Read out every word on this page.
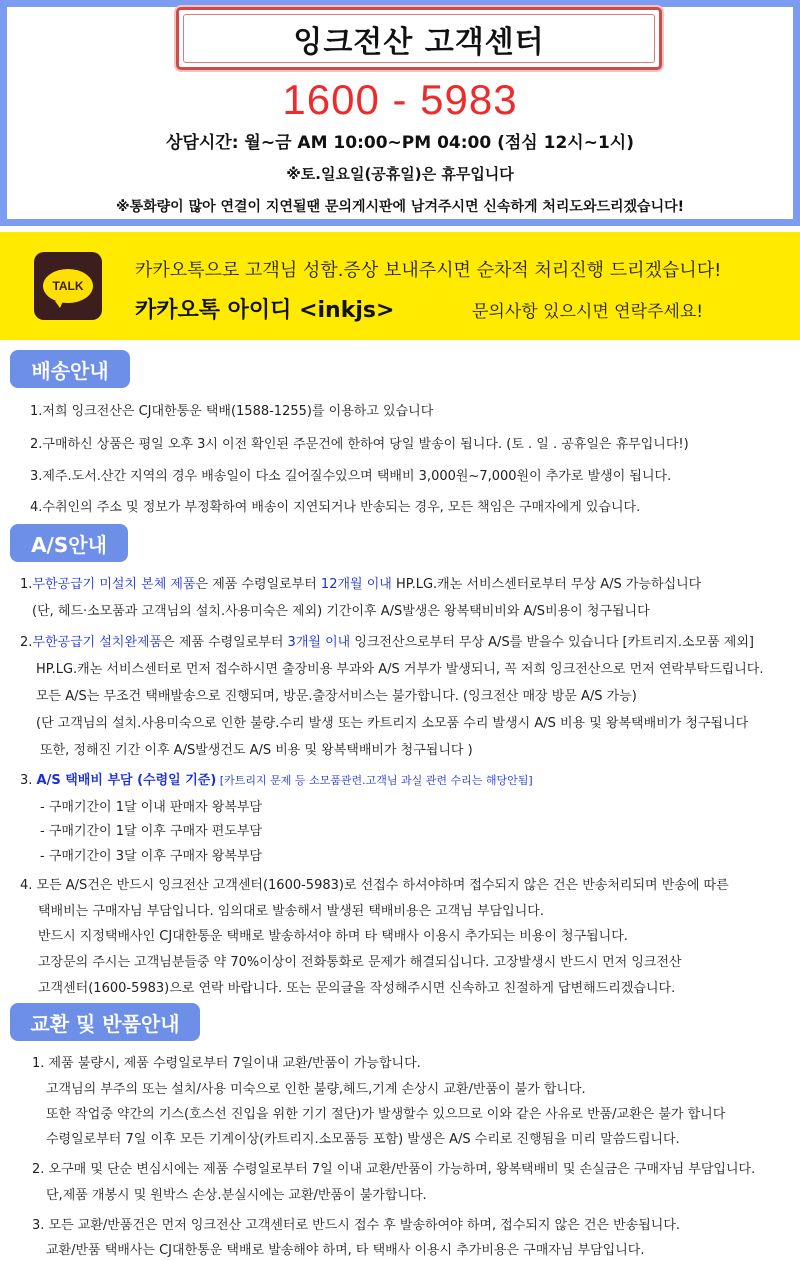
잉크전산 고객센터
1600 - 5983
상담시간: 월~금 AM 10:00~PM 04:00 (점심 12시~1시)
※토.일요일(공휴일)은 휴무입니다
※통화량이 많아 연결이 지연될땐 문의게시판에 남겨주시면 신속하게 처리도와드리겠습니다!
TALK
카카오톡으로 고객님 성함.증상 보내주시면 순차적 처리진행 드리겠습니다!
카카오톡 아이디 <inkjs>	문의사항 있으시면 연락주세요!
배송안내
1.저희 잉크전산은 CJ대한통운 택배(1588-1255)를 이용하고 있습니다
2.구매하신 상품은 평일 오후 3시 이전 확인된 주문건에 한하여 당일 발송이 됩니다. (토 . 일 . 공휴일은 휴무입니다!)
3.제주.도서.산간 지역의 경우 배송일이 다소 길어질수있으며 택배비 3,000원~7,000원이 추가로 발생이 됩니다.
4.수취인의 주소 및 정보가 부정확하여 배송이 지연되거나 반송되는 경우, 모든 책임은 구매자에게 있습니다.
A/S안내
1.무한공급기 미설치 본체 제품은 제품 수령일로부터 12개월 이내 HP.LG.캐논 서비스센터로부터 무상 A/S 가능하십니다
(단, 헤드·소모품과 고객님의 설치.사용미숙은 제외) 기간이후 A/S발생은 왕복택비비와 A/S비용이 청구됩니다
2.무한공급기 설치완제품은 제품 수령일로부터 3개월 이내 잉크전산으로부터 무상 A/S를 받을수 있습니다 [카트리지.소모품 제외]
HP.LG.캐논 서비스센터로 먼저 접수하시면 출장비용 부과와 A/S 거부가 발생되니, 꼭 저희 잉크전산으로 먼저 연락부탁드립니다.
모든 A/S는 무조건 택배발송으로 진행되며, 방문.출장서비스는 불가합니다. (잉크전산 매장 방문 A/S 가능)
(단 고객님의 설치.사용미숙으로 인한 불량.수리 발생 또는 카트리지 소모품 수리 발생시 A/S 비용 및 왕복택배비가 청구됩니다
또한, 정해진 기간 이후 A/S발생건도 A/S 비용 및 왕복택배비가 청구됩니다 )
3. A/S 택배비 부담 (수령일 기준) [카트리지 문제 등 소모품관련.고객님 과실 관련 수리는 해당안됨]
- 구매기간이 1달 이내 판매자 왕복부담
- 구매기간이 1달 이후 구매자 편도부담
- 구매기간이 3달 이후 구매자 왕복부담
4. 모든 A/S건은 반드시 잉크전산 고객센터(1600-5983)로 선접수 하셔야하며 접수되지 않은 건은 반송처리되며 반송에 따른
택배비는 구매자님 부담입니다. 임의대로 발송해서 발생된 택배비용은 고객님 부담입니다.
반드시 지정택배사인 CJ대한통운 택배로 발송하셔야 하며 타 택배사 이용시 추가되는 비용이 청구됩니다.
고장문의 주시는 고객님분들중 약 70%이상이 전화통화로 문제가 해결되십니다. 고장발생시 반드시 먼저 잉크전산
고객센터(1600-5983)으로 연락 바랍니다. 또는 문의글을 작성해주시면 신속하고 친절하게 답변해드리겠습니다.
교환 및 반품안내
1. 제품 불량시, 제품 수령일로부터 7일이내 교환/반품이 가능합니다.
고객님의 부주의 또는 설치/사용 미숙으로 인한 불량,헤드,기계 손상시 교환/반품이 불가 합니다.
또한 작업중 약간의 기스(호스선 진입을 위한 기기 절단)가 발생할수 있으므로 이와 같은 사유로 반품/교환은 불가 합니다
수령일로부터 7일 이후 모든 기계이상(카트리지.소모품등 포함) 발생은 A/S 수리로 진행됨을 미리 말씀드립니다.
2. 오구매 및 단순 변심시에는 제품 수령일로부터 7일 이내 교환/반품이 가능하며, 왕복택배비 및 손실금은 구매자님 부담입니다.
단,제품 개봉시 및 원박스 손상.분실시에는 교환/반품이 불가합니다.
3. 모든 교환/반품건은 먼저 잉크전산 고객센터로 반드시 접수 후 발송하여야 하며, 접수되지 않은 건은 반송됩니다.
교환/반품 택배사는 CJ대한통운 택배로 발송해야 하며, 타 택배사 이용시 추가비용은 구매자님 부담입니다.
